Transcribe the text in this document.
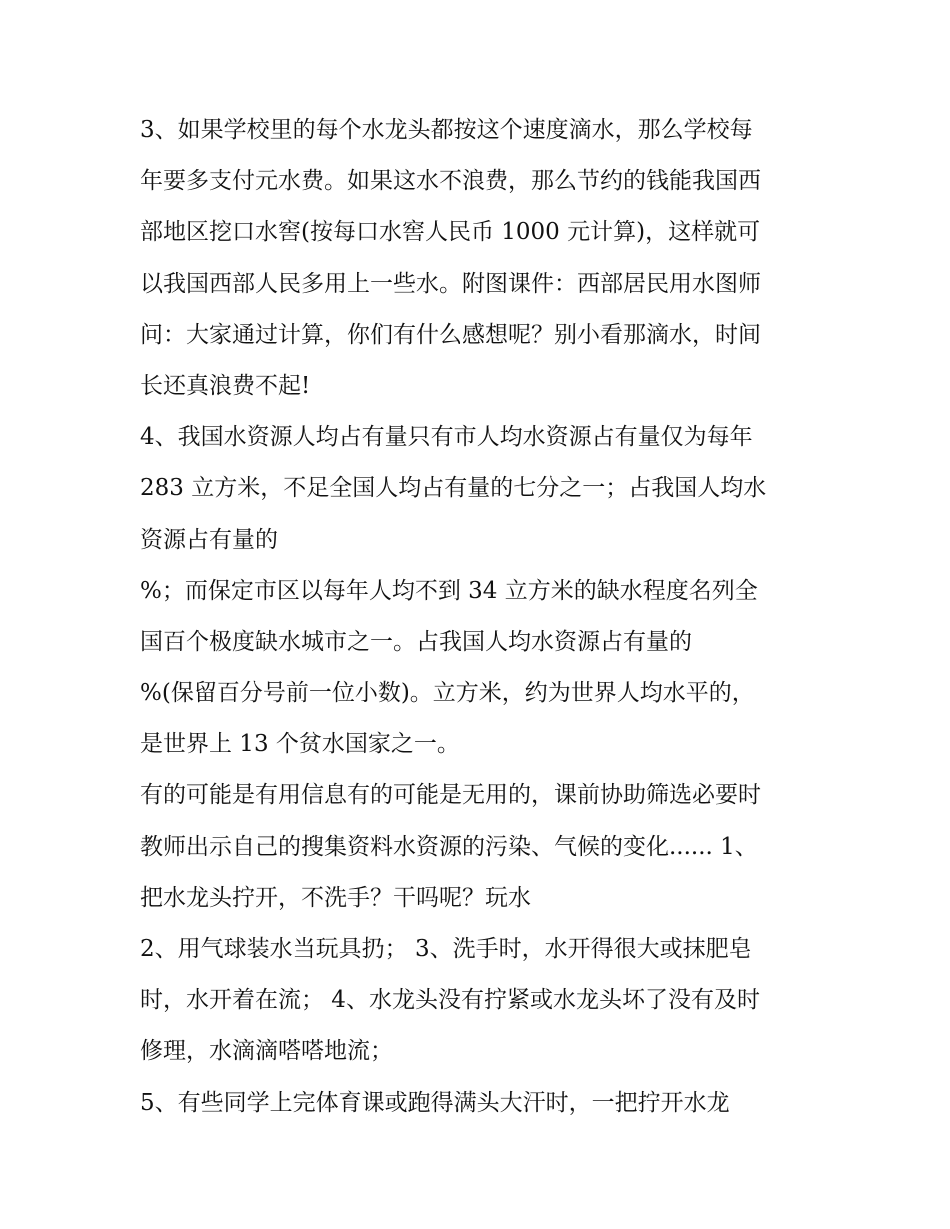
3、如果学校里的每个水龙头都按这个速度滴水，那么学校每
年要多支付元水费。如果这水不浪费，那么节约的钱能我国西
部地区挖口水窖(按每口水窖人民币 1000 元计算)，这样就可
以我国西部人民多用上一些水。附图课件：西部居民用水图师
问：大家通过计算，你们有什么感想呢？别小看那滴水，时间
长还真浪费不起!
4、我国水资源人均占有量只有市人均水资源占有量仅为每年
283 立方米，不足全国人均占有量的七分之一；占我国人均水
资源占有量的
%；而保定市区以每年人均不到 34 立方米的缺水程度名列全
国百个极度缺水城市之一。占我国人均水资源占有量的
%(保留百分号前一位小数)。立方米，约为世界人均水平的，
是世界上 13 个贫水国家之一。
有的可能是有用信息有的可能是无用的，课前协助筛选必要时
教师出示自己的搜集资料水资源的污染、气候的变化...... 1、
把水龙头拧开，不洗手？干吗呢？玩水
2、用气球装水当玩具扔； 3、洗手时，水开得很大或抹肥皂
时，水开着在流； 4、水龙头没有拧紧或水龙头坏了没有及时
修理，水滴滴嗒嗒地流；
5、有些同学上完体育课或跑得满头大汗时，一把拧开水龙
